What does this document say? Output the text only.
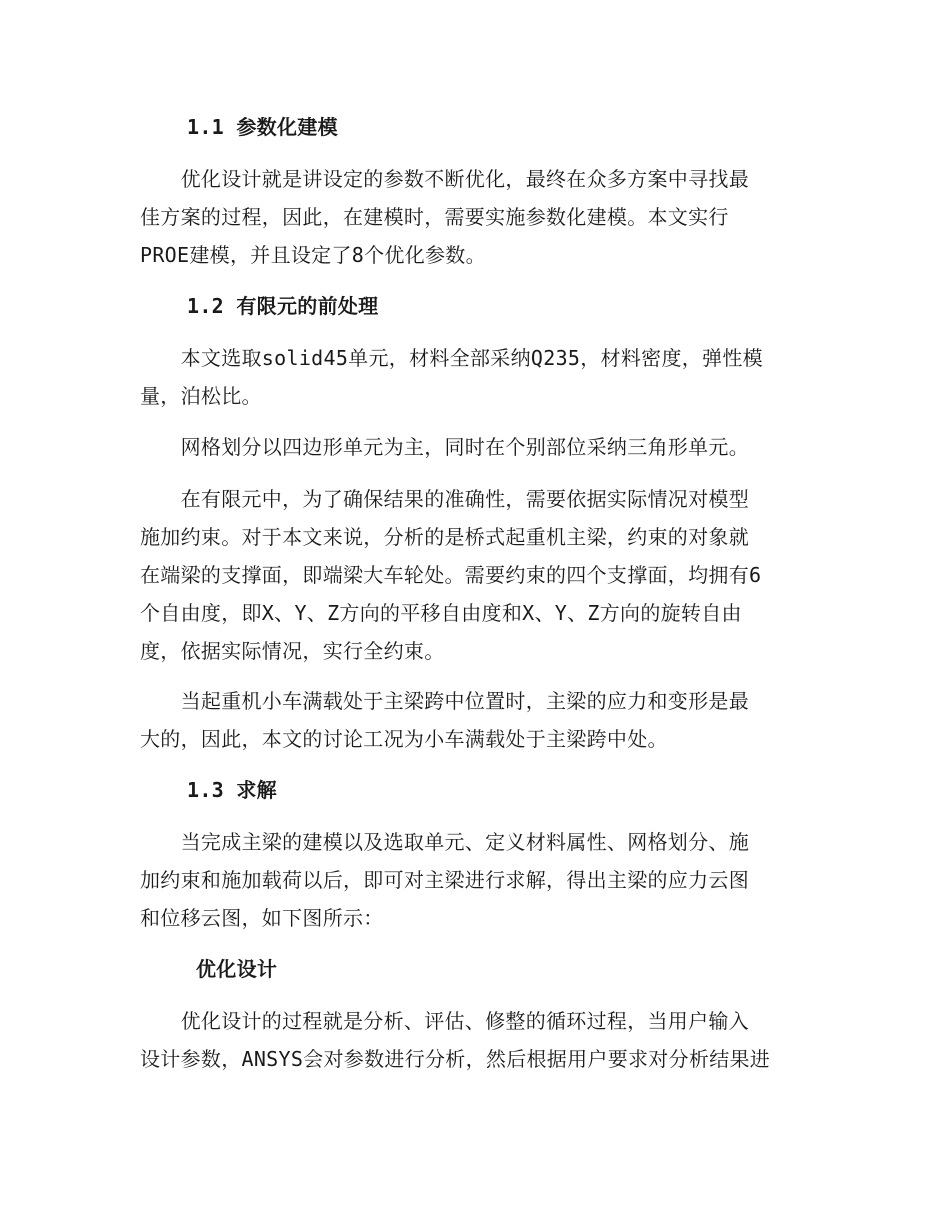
1.1 参数化建模

　　优化设计就是讲设定的参数不断优化，最终在众多方案中寻找最
佳方案的过程，因此，在建模时，需要实施参数化建模。本文实行
PROE建模，并且设定了8个优化参数。

1.2 有限元的前处理

　　本文选取solid45单元，材料全部采纳Q235，材料密度，弹性模
量，泊松比。

　　网格划分以四边形单元为主，同时在个别部位采纳三角形单元。

　　在有限元中，为了确保结果的准确性，需要依据实际情况对模型
施加约束。对于本文来说，分析的是桥式起重机主梁，约束的对象就
在端梁的支撑面，即端梁大车轮处。需要约束的四个支撑面，均拥有6
个自由度，即X、Y、Z方向的平移自由度和X、Y、Z方向的旋转自由
度，依据实际情况，实行全约束。

　　当起重机小车满载处于主梁跨中位置时，主梁的应力和变形是最
大的，因此，本文的讨论工况为小车满载处于主梁跨中处。

1.3 求解

　　当完成主梁的建模以及选取单元、定义材料属性、网格划分、施
加约束和施加载荷以后，即可对主梁进行求解，得出主梁的应力云图
和位移云图，如下图所示：

优化设计

　　优化设计的过程就是分析、评估、修整的循环过程，当用户输入
设计参数，ANSYS会对参数进行分析，然后根据用户要求对分析结果进
